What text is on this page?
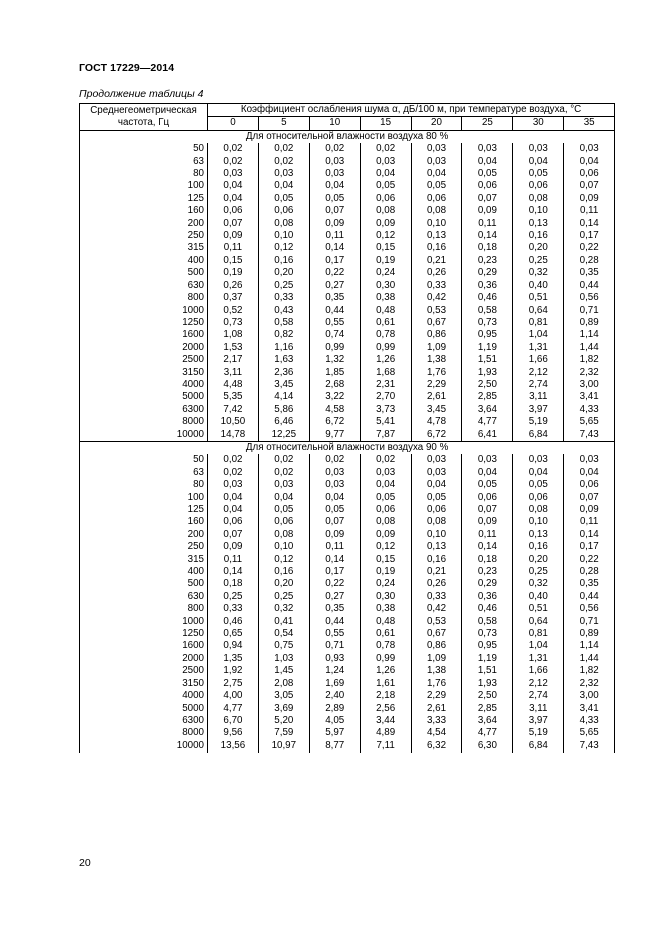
ГОСТ 17229—2014
Продолжение таблицы 4
Среднегеометрическая частота, Гц	Коэффициент ослабления шума α, дБ/100 м, при температуре воздуха, °С							
	0	5	10	15	20	25	30	35
Для относительной влажности воздуха 80 %								
50	0,02	0,02	0,02	0,02	0,03	0,03	0,03	0,03
63	0,02	0,02	0,03	0,03	0,03	0,04	0,04	0,04
80	0,03	0,03	0,03	0,04	0,04	0,05	0,05	0,06
100	0,04	0,04	0,04	0,05	0,05	0,06	0,06	0,07
125	0,04	0,05	0,05	0,06	0,06	0,07	0,08	0,09
160	0,06	0,06	0,07	0,08	0,08	0,09	0,10	0,11
200	0,07	0,08	0,09	0,09	0,10	0,11	0,13	0,14
250	0,09	0,10	0,11	0,12	0,13	0,14	0,16	0,17
315	0,11	0,12	0,14	0,15	0,16	0,18	0,20	0,22
400	0,15	0,16	0,17	0,19	0,21	0,23	0,25	0,28
500	0,19	0,20	0,22	0,24	0,26	0,29	0,32	0,35
630	0,26	0,25	0,27	0,30	0,33	0,36	0,40	0,44
800	0,37	0,33	0,35	0,38	0,42	0,46	0,51	0,56
1000	0,52	0,43	0,44	0,48	0,53	0,58	0,64	0,71
1250	0,73	0,58	0,55	0,61	0,67	0,73	0,81	0,89
1600	1,08	0,82	0,74	0,78	0,86	0,95	1,04	1,14
2000	1,53	1,16	0,99	0,99	1,09	1,19	1,31	1,44
2500	2,17	1,63	1,32	1,26	1,38	1,51	1,66	1,82
3150	3,11	2,36	1,85	1,68	1,76	1,93	2,12	2,32
4000	4,48	3,45	2,68	2,31	2,29	2,50	2,74	3,00
5000	5,35	4,14	3,22	2,70	2,61	2,85	3,11	3,41
6300	7,42	5,86	4,58	3,73	3,45	3,64	3,97	4,33
8000	10,50	6,46	6,72	5,41	4,78	4,77	5,19	5,65
10000	14,78	12,25	9,77	7,87	6,72	6,41	6,84	7,43
Для относительной влажности воздуха 90 %								
50	0,02	0,02	0,02	0,02	0,03	0,03	0,03	0,03
63	0,02	0,02	0,03	0,03	0,03	0,04	0,04	0,04
80	0,03	0,03	0,03	0,04	0,04	0,05	0,05	0,06
100	0,04	0,04	0,04	0,05	0,05	0,06	0,06	0,07
125	0,04	0,05	0,05	0,06	0,06	0,07	0,08	0,09
160	0,06	0,06	0,07	0,08	0,08	0,09	0,10	0,11
200	0,07	0,08	0,09	0,09	0,10	0,11	0,13	0,14
250	0,09	0,10	0,11	0,12	0,13	0,14	0,16	0,17
315	0,11	0,12	0,14	0,15	0,16	0,18	0,20	0,22
400	0,14	0,16	0,17	0,19	0,21	0,23	0,25	0,28
500	0,18	0,20	0,22	0,24	0,26	0,29	0,32	0,35
630	0,25	0,25	0,27	0,30	0,33	0,36	0,40	0,44
800	0,33	0,32	0,35	0,38	0,42	0,46	0,51	0,56
1000	0,46	0,41	0,44	0,48	0,53	0,58	0,64	0,71
1250	0,65	0,54	0,55	0,61	0,67	0,73	0,81	0,89
1600	0,94	0,75	0,71	0,78	0,86	0,95	1,04	1,14
2000	1,35	1,03	0,93	0,99	1,09	1,19	1,31	1,44
2500	1,92	1,45	1,24	1,26	1,38	1,51	1,66	1,82
3150	2,75	2,08	1,69	1,61	1,76	1,93	2,12	2,32
4000	4,00	3,05	2,40	2,18	2,29	2,50	2,74	3,00
5000	4,77	3,69	2,89	2,56	2,61	2,85	3,11	3,41
6300	6,70	5,20	4,05	3,44	3,33	3,64	3,97	4,33
8000	9,56	7,59	5,97	4,89	4,54	4,77	5,19	5,65
10000	13,56	10,97	8,77	7,11	6,32	6,30	6,84	7,43
20
